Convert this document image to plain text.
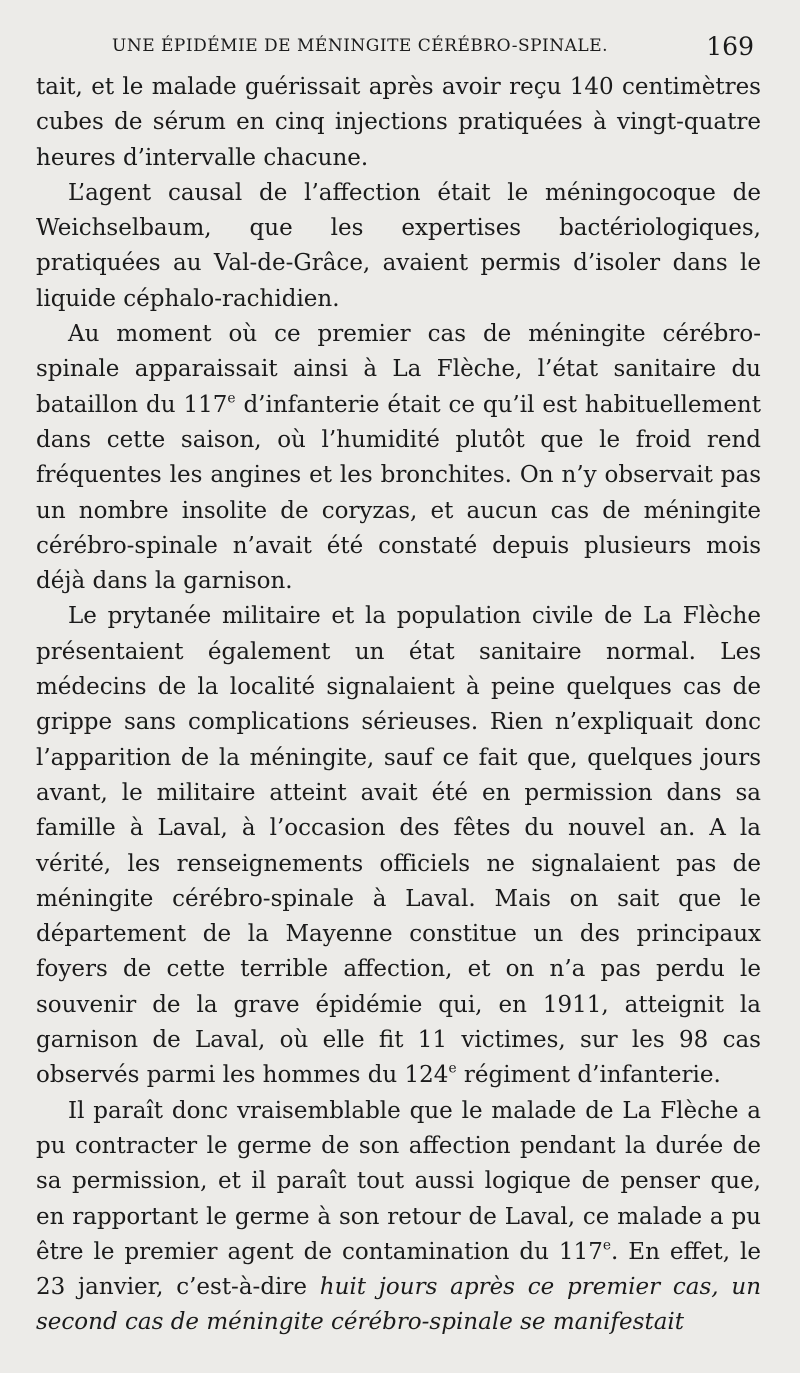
UNE ÉPIDÉMIE DE MÉNINGITE CÉRÉBRO-SPINALE.	169

tait, et le malade guérissait après avoir reçu 140 centimètres cubes de sérum en cinq injections pratiquées à vingt-quatre heures d’intervalle chacune.

L’agent causal de l’affection était le méningocoque de Weichselbaum, que les expertises bactériologiques, pratiquées au Val-de-Grâce, avaient permis d’isoler dans le liquide céphalo-rachidien.

Au moment où ce premier cas de méningite cérébro-spinale apparaissait ainsi à La Flèche, l’état sanitaire du bataillon du 117e d’infanterie était ce qu’il est habituellement dans cette saison, où l’humidité plutôt que le froid rend fréquentes les angines et les bronchites. On n’y observait pas un nombre insolite de coryzas, et aucun cas de méningite cérébro-spinale n’avait été constaté depuis plusieurs mois déjà dans la garnison.

Le prytanée militaire et la population civile de La Flèche présentaient également un état sanitaire normal. Les médecins de la localité signalaient à peine quelques cas de grippe sans complications sérieuses. Rien n’expliquait donc l’apparition de la méningite, sauf ce fait que, quelques jours avant, le militaire atteint avait été en permission dans sa famille à Laval, à l’occasion des fêtes du nouvel an. A la vérité, les renseignements officiels ne signalaient pas de méningite cérébro-spinale à Laval. Mais on sait que le département de la Mayenne constitue un des principaux foyers de cette terrible affection, et on n’a pas perdu le souvenir de la grave épidémie qui, en 1911, atteignit la garnison de Laval, où elle fit 11 victimes, sur les 98 cas observés parmi les hommes du 124e régiment d’infanterie.

Il paraît donc vraisemblable que le malade de La Flèche a pu contracter le germe de son affection pendant la durée de sa permission, et il paraît tout aussi logique de penser que, en rapportant le germe à son retour de Laval, ce malade a pu être le premier agent de contamination du 117e. En effet, le 23 janvier, c’est-à-dire huit jours après ce premier cas, un second cas de méningite cérébro-spinale se manifestait
